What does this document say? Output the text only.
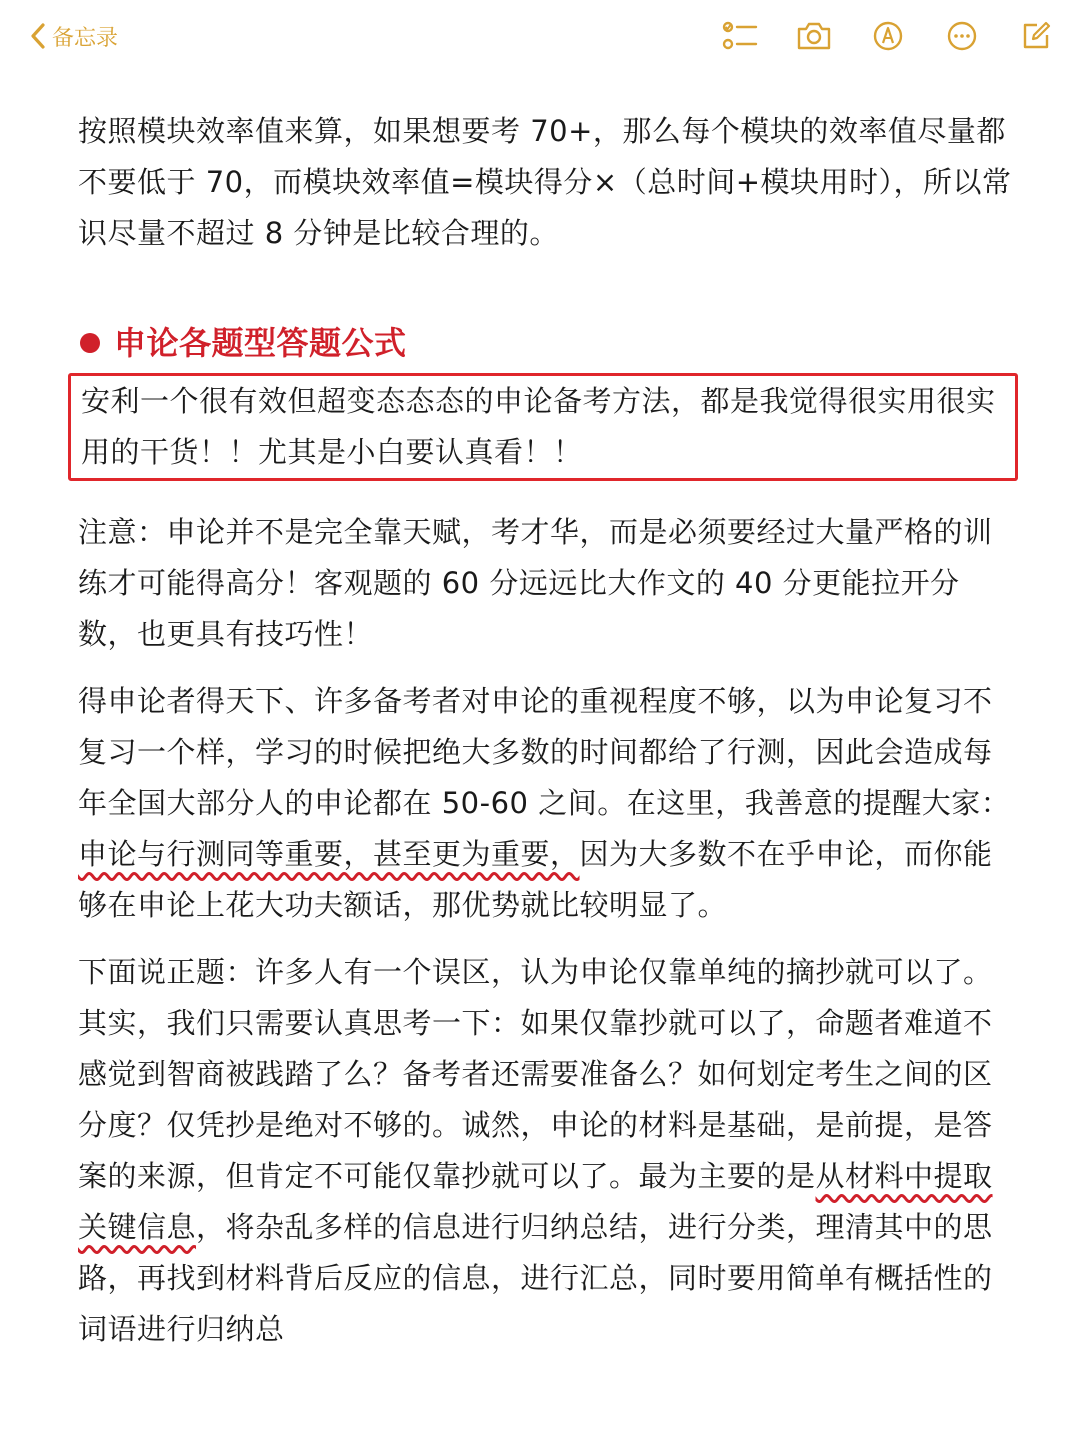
备忘录

按照模块效率值来算，如果想要考 70+，那么每个模块的效率值尽量都不要低于 70，而模块效率值=模块得分×（总时间+模块用时），所以常识尽量不超过 8 分钟是比较合理的。

申论各题型答题公式

安利一个很有效但超变态态态的申论备考方法，都是我觉得很实用很实用的干货！！尤其是小白要认真看！！

注意：申论并不是完全靠天赋，考才华，而是必须要经过大量严格的训练才可能得高分！客观题的 60 分远远比大作文的 40 分更能拉开分数，也更具有技巧性！

得申论者得天下、许多备考者对申论的重视程度不够，以为申论复习不复习一个样，学习的时候把绝大多数的时间都给了行测，因此会造成每年全国大部分人的申论都在 50-60 之间。在这里，我善意的提醒大家：申论与行测同等重要，甚至更为重要，因为大多数不在乎申论，而你能够在申论上花大功夫额话，那优势就比较明显了。

下面说正题：许多人有一个误区，认为申论仅靠单纯的摘抄就可以了。其实，我们只需要认真思考一下：如果仅靠抄就可以了，命题者难道不感觉到智商被践踏了么？备考者还需要准备么？如何划定考生之间的区分度？仅凭抄是绝对不够的。诚然，申论的材料是基础，是前提，是答案的来源，但肯定不可能仅靠抄就可以了。最为主要的是从材料中提取关键信息，将杂乱多样的信息进行归纳总结，进行分类，理清其中的思路，再找到材料背后反应的信息，进行汇总，同时要用简单有概括性的词语进行归纳总
